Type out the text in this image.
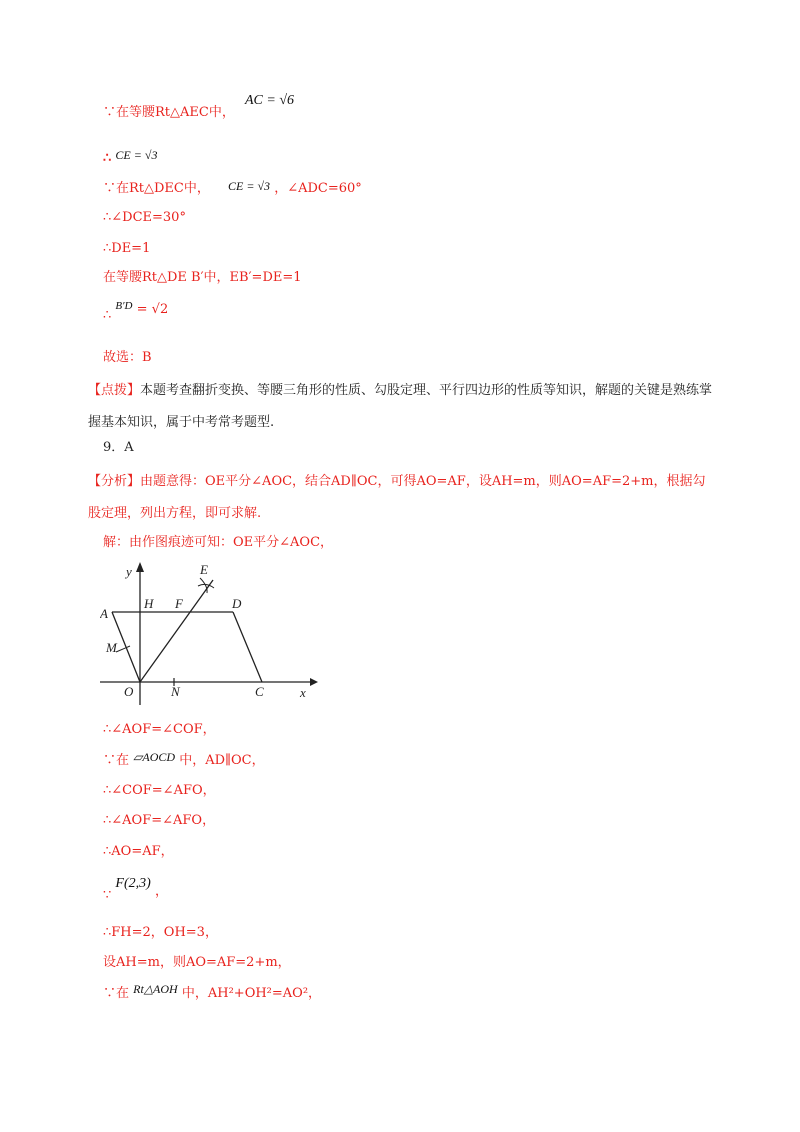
∵在等腰Rt△AEC中， AC = √6
∴ CE = √3
∵在Rt△DEC中， CE = √3 ，∠ADC=60°
∴∠DCE=30°
∴DE=1
在等腰Rt△DE B′中，EB′=DE=1
∴ $^{B'D}$ = √2
故选：B
【点拨】本题考查翻折变换、等腰三角形的性质、勾股定理、平行四边形的性质等知识，解题的关键是熟练掌握基本知识，属于中考常考题型.
9．A
【分析】由题意得：OE平分∠AOC，结合AD∥OC，可得AO=AF，设AH=m，则AO=AF=2+m，根据勾股定理，列出方程，即可求解.
解：由作图痕迹可知：OE平分∠AOC，
y
x
E
A
H F	D
M
O	N	C
∴∠AOF=∠COF，
∵在 ▱AOCD 中，AD∥OC，
∴∠COF=∠AFO，
∴∠AOF=∠AFO，
∴AO=AF，
∵ F(2,3) ，
∴FH=2，OH=3，
设AH=m，则AO=AF=2+m，
∵在 Rt△AOH 中，AH²+OH²=AO²，
